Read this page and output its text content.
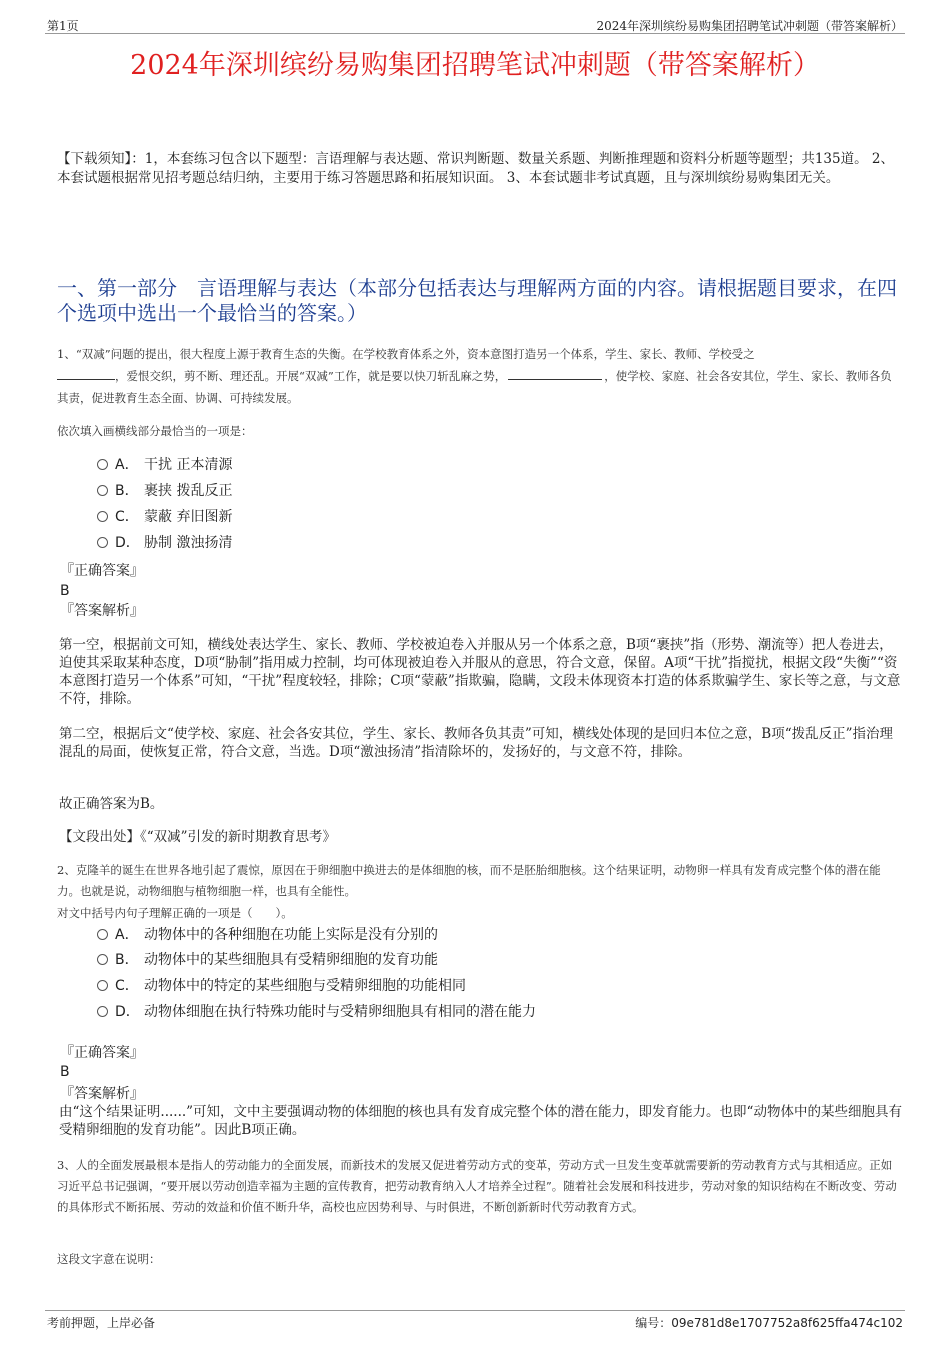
第1页	2024年深圳缤纷易购集团招聘笔试冲刺题（带答案解析）
2024年深圳缤纷易购集团招聘笔试冲刺题（带答案解析）
【下载须知】：1，本套练习包含以下题型：言语理解与表达题、常识判断题、数量关系题、判断推理题和资料分析题等题型；共135道。 2、本套试题根据常见招考题总结归纳，主要用于练习答题思路和拓展知识面。 3、本套试题非考试真题，且与深圳缤纷易购集团无关。
一、第一部分　言语理解与表达（本部分包括表达与理解两方面的内容。请根据题目要求，在四个选项中选出一个最恰当的答案。）
1、“双减”问题的提出，很大程度上源于教育生态的失衡。在学校教育体系之外，资本意图打造另一个体系，学生、家长、教师、学校受之
，爱恨交织，剪不断、理还乱。开展“双减”工作，就是要以快刀斩乱麻之势，	，使学校、家庭、社会各安其位，学生、家长、教师各负其责，促进教育生态全面、协调、可持续发展。
依次填入画横线部分最恰当的一项是：
A． 干扰 正本清源
B． 裹挟 拨乱反正
C． 蒙蔽 弃旧图新
D． 胁制 激浊扬清
『正确答案』
B
『答案解析』
第一空，根据前文可知，横线处表达学生、家长、教师、学校被迫卷入并服从另一个体系之意，B项“裹挟”指（形势、潮流等）把人卷进去，迫使其采取某种态度，D项“胁制”指用威力控制，均可体现被迫卷入并服从的意思，符合文意，保留。A项“干扰”指搅扰，根据文段“失衡”“资本意图打造另一个体系”可知，“干扰”程度较轻，排除；C项“蒙蔽”指欺骗，隐瞒，文段未体现资本打造的体系欺骗学生、家长等之意，与文意不符，排除。
第二空，根据后文“使学校、家庭、社会各安其位，学生、家长、教师各负其责”可知，横线处体现的是回归本位之意，B项“拨乱反正”指治理混乱的局面，使恢复正常，符合文意，当选。D项“激浊扬清”指清除坏的，发扬好的，与文意不符，排除。
故正确答案为B。
【文段出处】《“双减”引发的新时期教育思考》
2、克隆羊的诞生在世界各地引起了震惊，原因在于卵细胞中换进去的是体细胞的核，而不是胚胎细胞核。这个结果证明，动物卵一样具有发育成完整个体的潜在能力。也就是说，动物细胞与植物细胞一样，也具有全能性。
对文中括号内句子理解正确的一项是（　　）。
A． 动物体中的各种细胞在功能上实际是没有分别的
B． 动物体中的某些细胞具有受精卵细胞的发育功能
C． 动物体中的特定的某些细胞与受精卵细胞的功能相同
D． 动物体细胞在执行特殊功能时与受精卵细胞具有相同的潜在能力
『正确答案』
B
『答案解析』
由“这个结果证明......”可知，文中主要强调动物的体细胞的核也具有发育成完整个体的潜在能力，即发育能力。也即“动物体中的某些细胞具有受精卵细胞的发育功能”。因此B项正确。
3、人的全面发展最根本是指人的劳动能力的全面发展，而新技术的发展又促进着劳动方式的变革，劳动方式一旦发生变革就需要新的劳动教育方式与其相适应。正如习近平总书记强调，“要开展以劳动创造幸福为主题的宣传教育，把劳动教育纳入人才培养全过程”。随着社会发展和科技进步，劳动对象的知识结构在不断改变、劳动的具体形式不断拓展、劳动的效益和价值不断升华，高校也应因势利导、与时俱进，不断创新新时代劳动教育方式。
这段文字意在说明：
考前押题，上岸必备	编号：09e781d8e1707752a8f625ffa474c102
